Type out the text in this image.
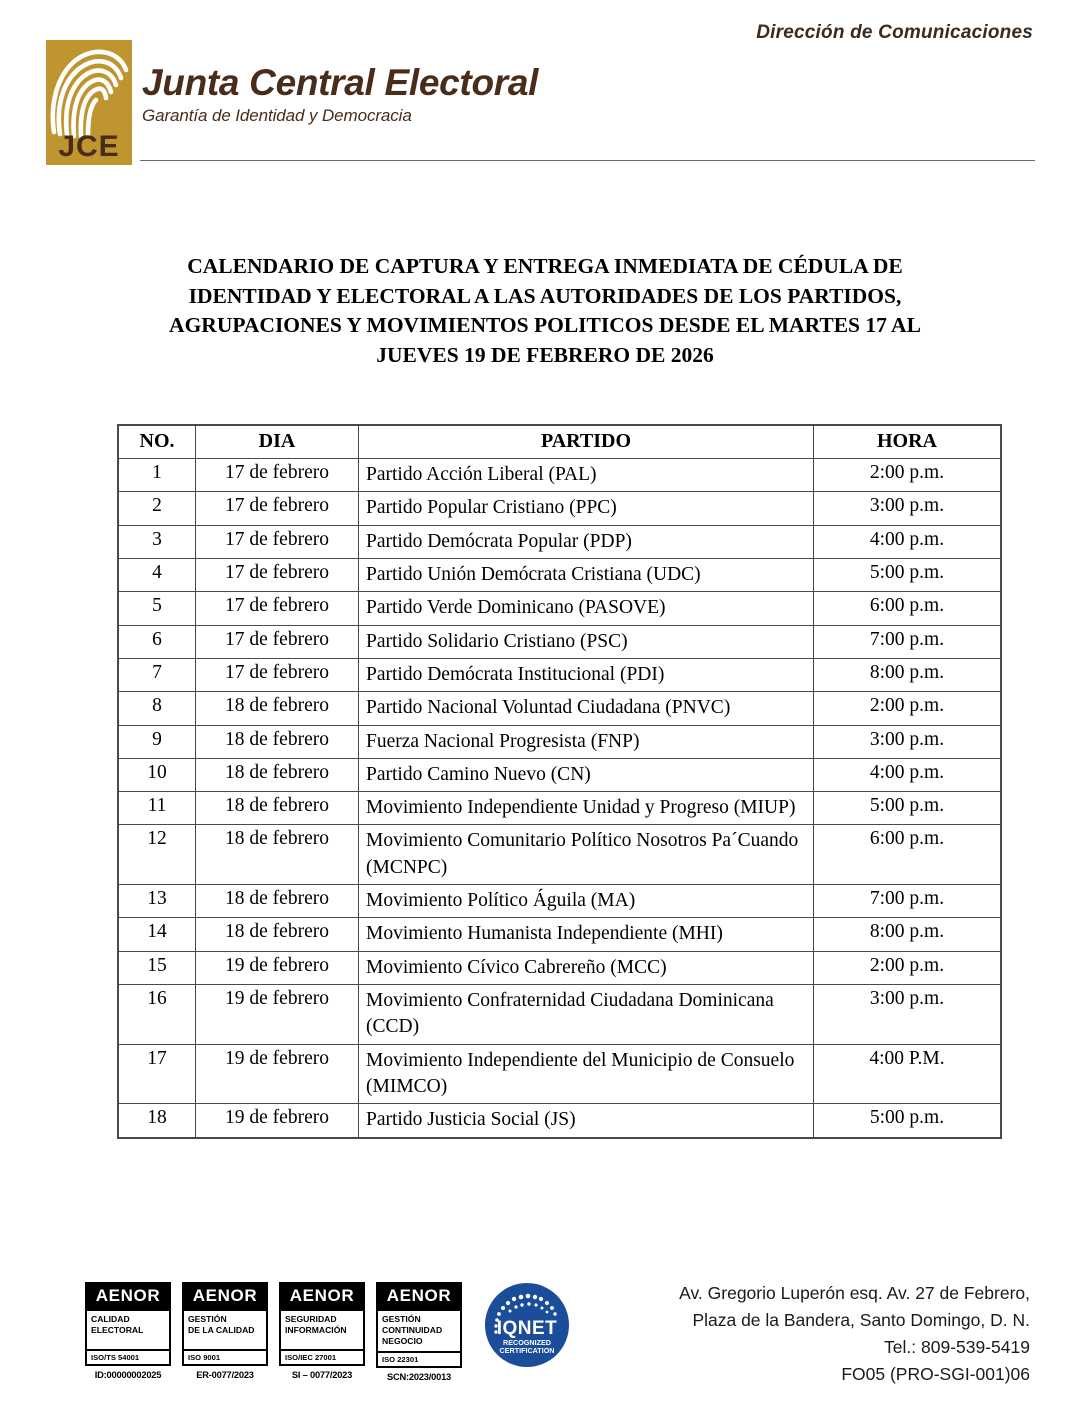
Dirección de Comunicaciones
JCE
Junta Central Electoral
Garantía de Identidad y Democracia
CALENDARIO DE CAPTURA Y ENTREGA INMEDIATA DE CÉDULA DE
IDENTIDAD Y ELECTORAL A LAS AUTORIDADES DE LOS PARTIDOS,
AGRUPACIONES Y MOVIMIENTOS POLITICOS DESDE EL MARTES 17 AL
JUEVES 19 DE FEBRERO DE 2026
NO.	DIA	PARTIDO	HORA
1	17 de febrero	Partido Acción Liberal (PAL)	2:00 p.m.
2	17 de febrero	Partido Popular Cristiano (PPC)	3:00 p.m.
3	17 de febrero	Partido Demócrata Popular (PDP)	4:00 p.m.
4	17 de febrero	Partido Unión Demócrata Cristiana (UDC)	5:00 p.m.
5	17 de febrero	Partido Verde Dominicano (PASOVE)	6:00 p.m.
6	17 de febrero	Partido Solidario Cristiano (PSC)	7:00 p.m.
7	17 de febrero	Partido Demócrata Institucional (PDI)	8:00 p.m.
8	18 de febrero	Partido Nacional Voluntad Ciudadana (PNVC)	2:00 p.m.
9	18 de febrero	Fuerza Nacional Progresista (FNP)	3:00 p.m.
10	18 de febrero	Partido Camino Nuevo (CN)	4:00 p.m.
11	18 de febrero	Movimiento Independiente Unidad y Progreso (MIUP)	5:00 p.m.
12	18 de febrero	Movimiento Comunitario Político Nosotros Pa´Cuando (MCNPC)	6:00 p.m.
13	18 de febrero	Movimiento Político Águila (MA)	7:00 p.m.
14	18 de febrero	Movimiento Humanista Independiente (MHI)	8:00 p.m.
15	19 de febrero	Movimiento Cívico Cabrereño (MCC)	2:00 p.m.
16	19 de febrero	Movimiento Confraternidad Ciudadana Dominicana (CCD)	3:00 p.m.
17	19 de febrero	Movimiento Independiente del Municipio de Consuelo (MIMCO)	4:00 P.M.
18	19 de febrero	Partido Justicia Social (JS)	5:00 p.m.
AENOR
CALIDAD
ELECTORAL
ISO/TS 54001
ID:00000002025
AENOR
GESTIÓN
DE LA CALIDAD
ISO 9001
ER-0077/2023
AENOR
SEGURIDAD
INFORMACIÓN
ISO/IEC 27001
SI – 0077/2023
AENOR
GESTIÓN
CONTINUIDAD
NEGOCIO
ISO 22301
SCN:2023/0013
IQNET
RECOGNIZED
CERTIFICATION
Av. Gregorio Luperón esq. Av. 27 de Febrero,
Plaza de la Bandera, Santo Domingo, D. N.
Tel.: 809-539-5419
FO05 (PRO-SGI-001)06
